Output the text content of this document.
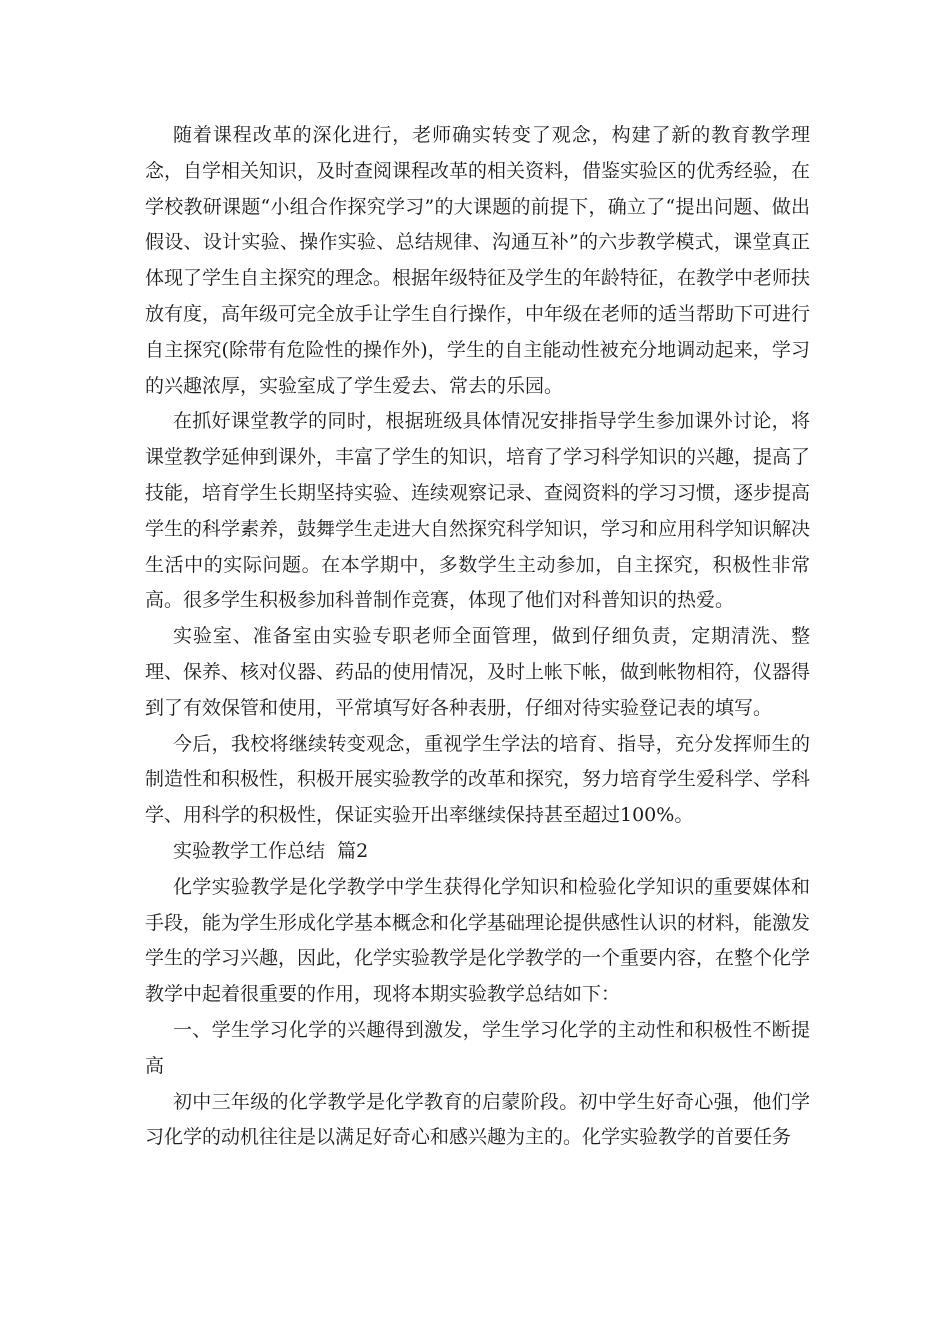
随着课程改革的深化进行，老师确实转变了观念，构建了新的教育教学理念，自学相关知识，及时查阅课程改革的相关资料，借鉴实验区的优秀经验，在学校教研课题“小组合作探究学习”的大课题的前提下，确立了“提出问题、做出假设、设计实验、操作实验、总结规律、沟通互补”的六步教学模式，课堂真正体现了学生自主探究的理念。根据年级特征及学生的年龄特征，在教学中老师扶放有度，高年级可完全放手让学生自行操作，中年级在老师的适当帮助下可进行自主探究(除带有危险性的操作外)，学生的自主能动性被充分地调动起来，学习的兴趣浓厚，实验室成了学生爱去、常去的乐园。

在抓好课堂教学的同时，根据班级具体情况安排指导学生参加课外讨论，将课堂教学延伸到课外，丰富了学生的知识，培育了学习科学知识的兴趣，提高了技能，培育学生长期坚持实验、连续观察记录、查阅资料的学习习惯，逐步提高学生的科学素养，鼓舞学生走进大自然探究科学知识，学习和应用科学知识解决生活中的实际问题。在本学期中，多数学生主动参加，自主探究，积极性非常高。很多学生积极参加科普制作竞赛，体现了他们对科普知识的热爱。

实验室、准备室由实验专职老师全面管理，做到仔细负责，定期清洗、整理、保养、核对仪器、药品的使用情况，及时上帐下帐，做到帐物相符，仪器得到了有效保管和使用，平常填写好各种表册，仔细对待实验登记表的填写。

今后，我校将继续转变观念，重视学生学法的培育、指导，充分发挥师生的制造性和积极性，积极开展实验教学的改革和探究，努力培育学生爱科学、学科学、用科学的积极性，保证实验开出率继续保持甚至超过100%。

实验教学工作总结  篇2

化学实验教学是化学教学中学生获得化学知识和检验化学知识的重要媒体和手段，能为学生形成化学基本概念和化学基础理论提供感性认识的材料，能激发学生的学习兴趣，因此，化学实验教学是化学教学的一个重要内容，在整个化学教学中起着很重要的作用，现将本期实验教学总结如下：

一、学生学习化学的兴趣得到激发，学生学习化学的主动性和积极性不断提高

初中三年级的化学教学是化学教育的启蒙阶段。初中学生好奇心强，他们学习化学的动机往往是以满足好奇心和感兴趣为主的。化学实验教学的首要任务
